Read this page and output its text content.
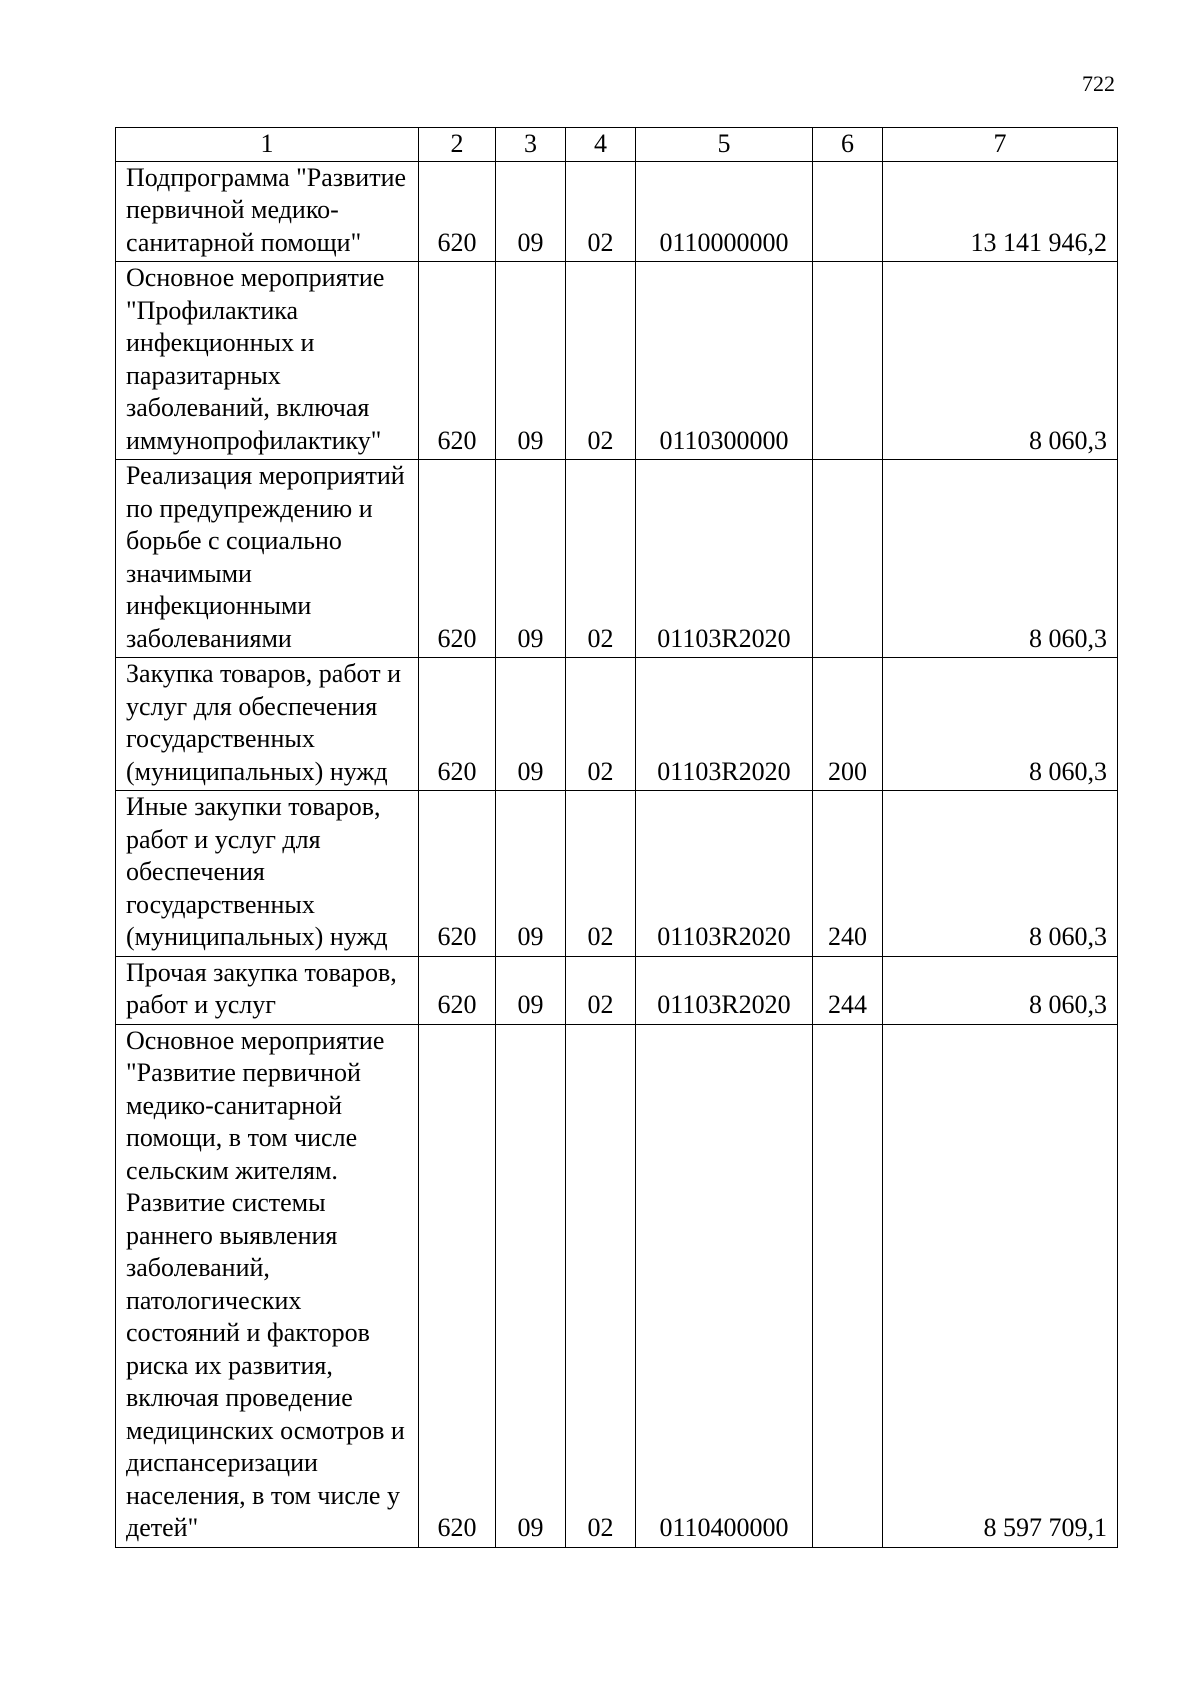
722
1	2	3	4	5	6	7
Подпрограмма "Развитие первичной медико-санитарной помощи"	620	09	02	0110000000		13 141 946,2
Основное мероприятие "Профилактика инфекционных и паразитарных заболеваний, включая иммунопрофилактику"	620	09	02	0110300000		8 060,3
Реализация мероприятий по предупреждению и борьбе с социально значимыми инфекционными заболеваниями	620	09	02	01103R2020		8 060,3
Закупка товаров, работ и услуг для обеспечения государственных (муниципальных) нужд	620	09	02	01103R2020	200	8 060,3
Иные закупки товаров, работ и услуг для обеспечения государственных (муниципальных) нужд	620	09	02	01103R2020	240	8 060,3
Прочая закупка товаров, работ и услуг	620	09	02	01103R2020	244	8 060,3
Основное мероприятие "Развитие первичной медико-санитарной помощи, в том числе сельским жителям. Развитие системы раннего выявления заболеваний, патологических состояний и факторов риска их развития, включая проведение медицинских осмотров и диспансеризации населения, в том числе у детей"	620	09	02	0110400000		8 597 709,1
